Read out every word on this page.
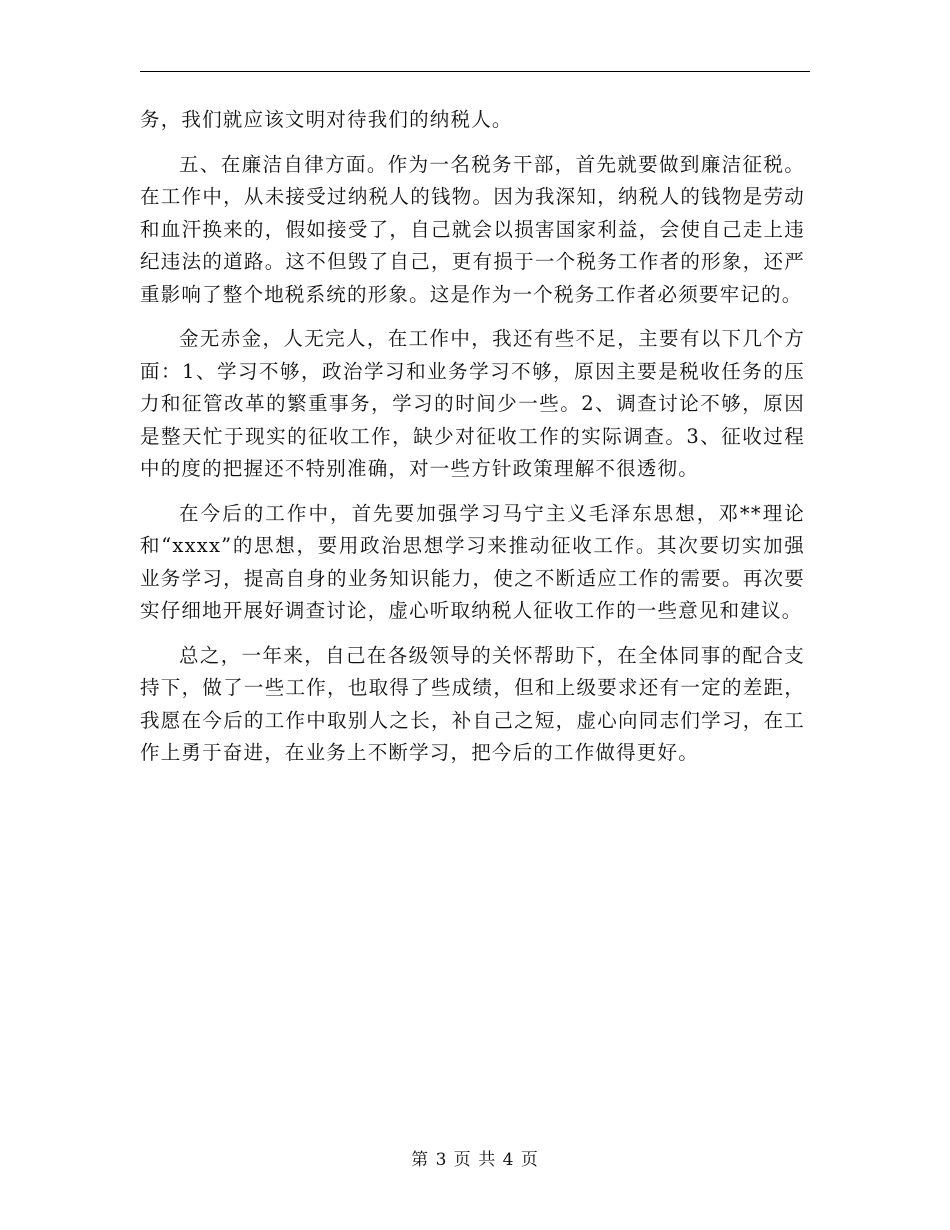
务，我们就应该文明对待我们的纳税人。

五、在廉洁自律方面。作为一名税务干部，首先就要做到廉洁征税。在工作中，从未接受过纳税人的钱物。因为我深知，纳税人的钱物是劳动和血汗换来的，假如接受了，自己就会以损害国家利益，会使自己走上违纪违法的道路。这不但毁了自己，更有损于一个税务工作者的形象，还严重影响了整个地税系统的形象。这是作为一个税务工作者必须要牢记的。

金无赤金，人无完人，在工作中，我还有些不足，主要有以下几个方面：1、学习不够，政治学习和业务学习不够，原因主要是税收任务的压力和征管改革的繁重事务，学习的时间少一些。2、调查讨论不够，原因是整天忙于现实的征收工作，缺少对征收工作的实际调查。3、征收过程中的度的把握还不特别准确，对一些方针政策理解不很透彻。

在今后的工作中，首先要加强学习马宁主义毛泽东思想，邓**理论和“xxxx”的思想，要用政治思想学习来推动征收工作。其次要切实加强业务学习，提高自身的业务知识能力，使之不断适应工作的需要。再次要实仔细地开展好调查讨论，虚心听取纳税人征收工作的一些意见和建议。

总之，一年来，自己在各级领导的关怀帮助下，在全体同事的配合支持下，做了一些工作，也取得了些成绩，但和上级要求还有一定的差距，我愿在今后的工作中取别人之长，补自己之短，虚心向同志们学习，在工作上勇于奋进，在业务上不断学习，把今后的工作做得更好。

第 3 页 共 4 页
